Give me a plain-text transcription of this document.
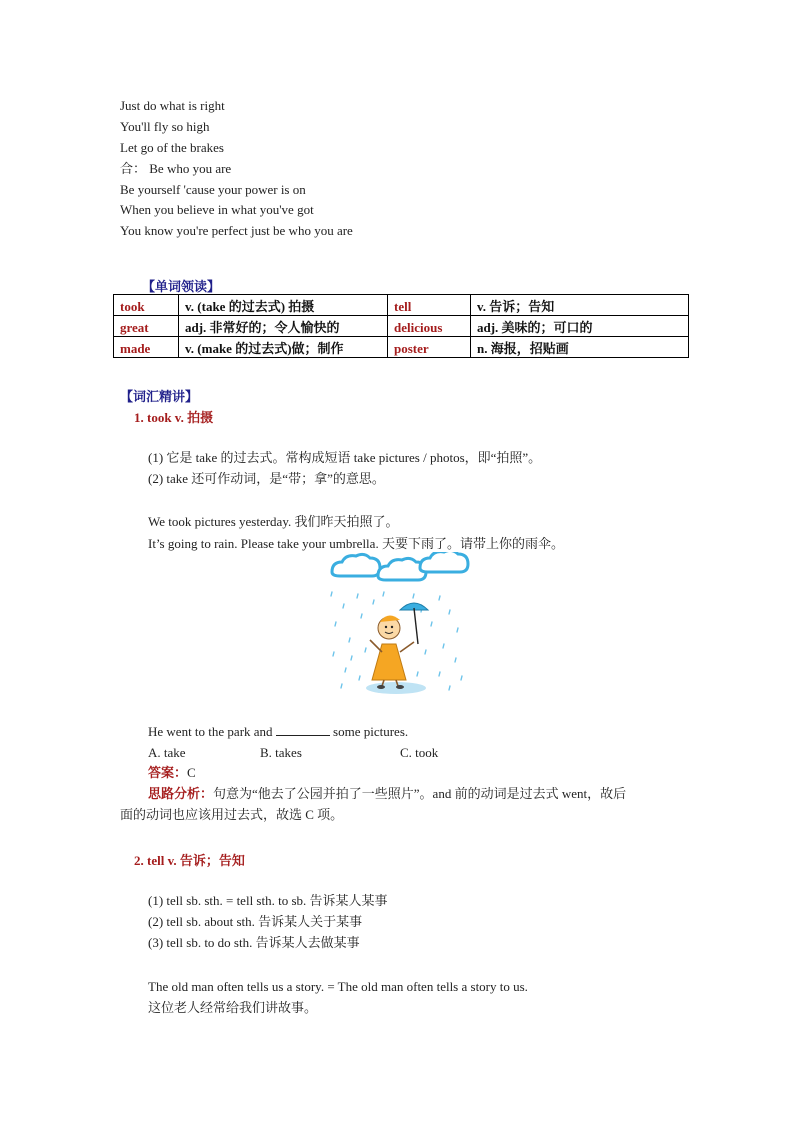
Just do what is right
You'll fly so high
Let go of the brakes
合： Be who you are
Be yourself 'cause your power is on
When you believe in what you've got
You know you're perfect just be who you are
【单词领读】
took	v. (take 的过去式) 拍摄	tell	v. 告诉；告知
great	adj. 非常好的；令人愉快的	delicious	adj. 美味的；可口的
made	v. (make 的过去式)做；制作	poster	n. 海报，招贴画
【词汇精讲】
1. took v. 拍摄
(1) 它是 take 的过去式。常构成短语 take pictures / photos，即“拍照”。
(2) take 还可作动词，是“带；拿”的意思。
We took pictures yesterday. 我们昨天拍照了。
It’s going to rain. Please take your umbrella. 天要下雨了。请带上你的雨伞。
He went to the park and	some pictures.
A. take	B. takes	C. took
答案：C
思路分析：句意为“他去了公园并拍了一些照片”。and 前的动词是过去式 went，故后
面的动词也应该用过去式，故选 C 项。
2. tell v. 告诉；告知
(1) tell sb. sth. = tell sth. to sb. 告诉某人某事
(2) tell sb. about sth. 告诉某人关于某事
(3) tell sb. to do sth. 告诉某人去做某事
The old man often tells us a story. = The old man often tells a story to us.
这位老人经常给我们讲故事。
